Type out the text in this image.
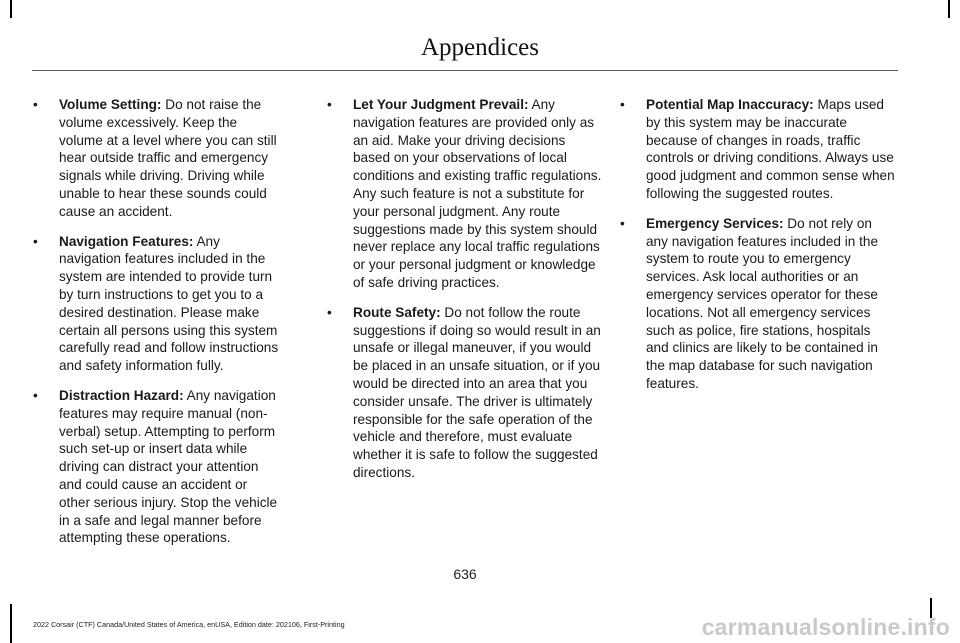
Appendices
•	Volume Setting: Do not raise the volume excessively. Keep the volume at a level where you can still hear outside traffic and emergency signals while driving. Driving while unable to hear these sounds could cause an accident.
•	Navigation Features: Any navigation features included in the system are intended to provide turn by turn instructions to get you to a desired destination. Please make certain all persons using this system carefully read and follow instructions and safety information fully.
•	Distraction Hazard: Any navigation features may require manual (non-verbal) setup. Attempting to perform such set-up or insert data while driving can distract your attention and could cause an accident or other serious injury. Stop the vehicle in a safe and legal manner before attempting these operations.
•	Let Your Judgment Prevail: Any navigation features are provided only as an aid. Make your driving decisions based on your observations of local conditions and existing traffic regulations. Any such feature is not a substitute for your personal judgment. Any route suggestions made by this system should never replace any local traffic regulations or your personal judgment or knowledge of safe driving practices.
•	Route Safety: Do not follow the route suggestions if doing so would result in an unsafe or illegal maneuver, if you would be placed in an unsafe situation, or if you would be directed into an area that you consider unsafe. The driver is ultimately responsible for the safe operation of the vehicle and therefore, must evaluate whether it is safe to follow the suggested directions.
•	Potential Map Inaccuracy: Maps used by this system may be inaccurate because of changes in roads, traffic controls or driving conditions. Always use good judgment and common sense when following the suggested routes.
•	Emergency Services: Do not rely on any navigation features included in the system to route you to emergency services. Ask local authorities or an emergency services operator for these locations. Not all emergency services such as police, fire stations, hospitals and clinics are likely to be contained in the map database for such navigation features.
636
2022 Corsair (CTF) Canada/United States of America, enUSA, Edition date: 202106, First-Printing	carmanualsonline.info
